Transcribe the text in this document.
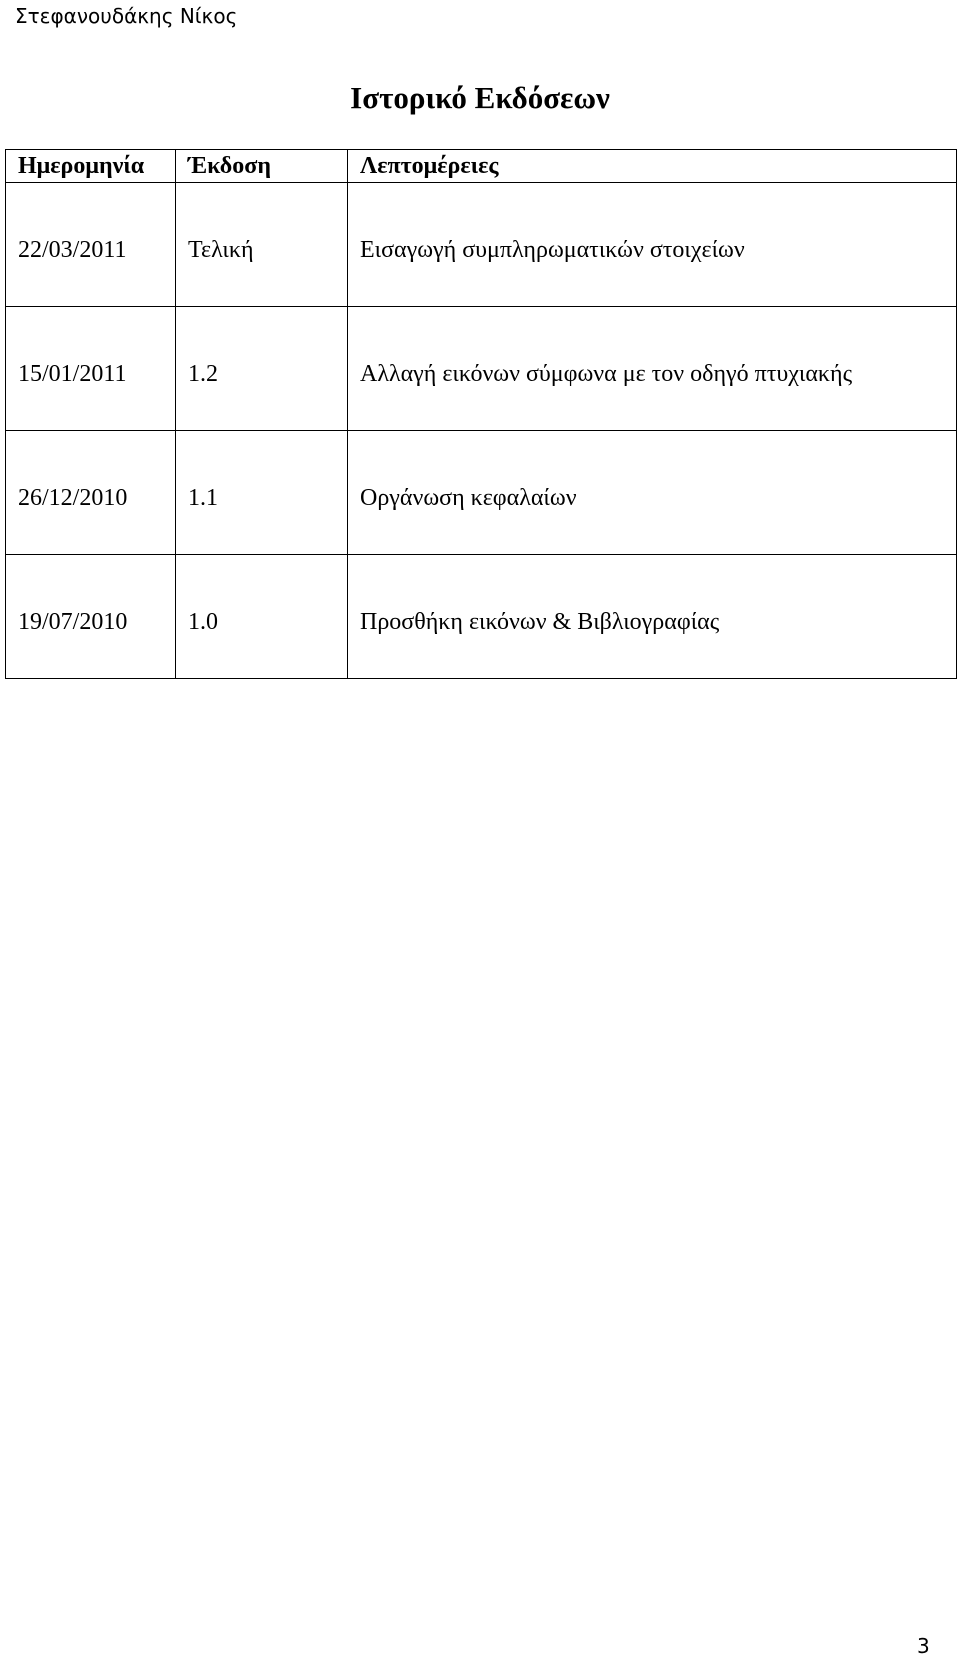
Στεφανουδάκης Νίκος
Ιστορικό Εκδόσεων
Ημερομηνία	Έκδοση	Λεπτομέρειες
22/03/2011	Τελική	Εισαγωγή συμπληρωματικών στοιχείων
15/01/2011	1.2	Αλλαγή εικόνων σύμφωνα με τον οδηγό πτυχιακής
26/12/2010	1.1	Οργάνωση κεφαλαίων
19/07/2010	1.0	Προσθήκη εικόνων & Βιβλιογραφίας
3
